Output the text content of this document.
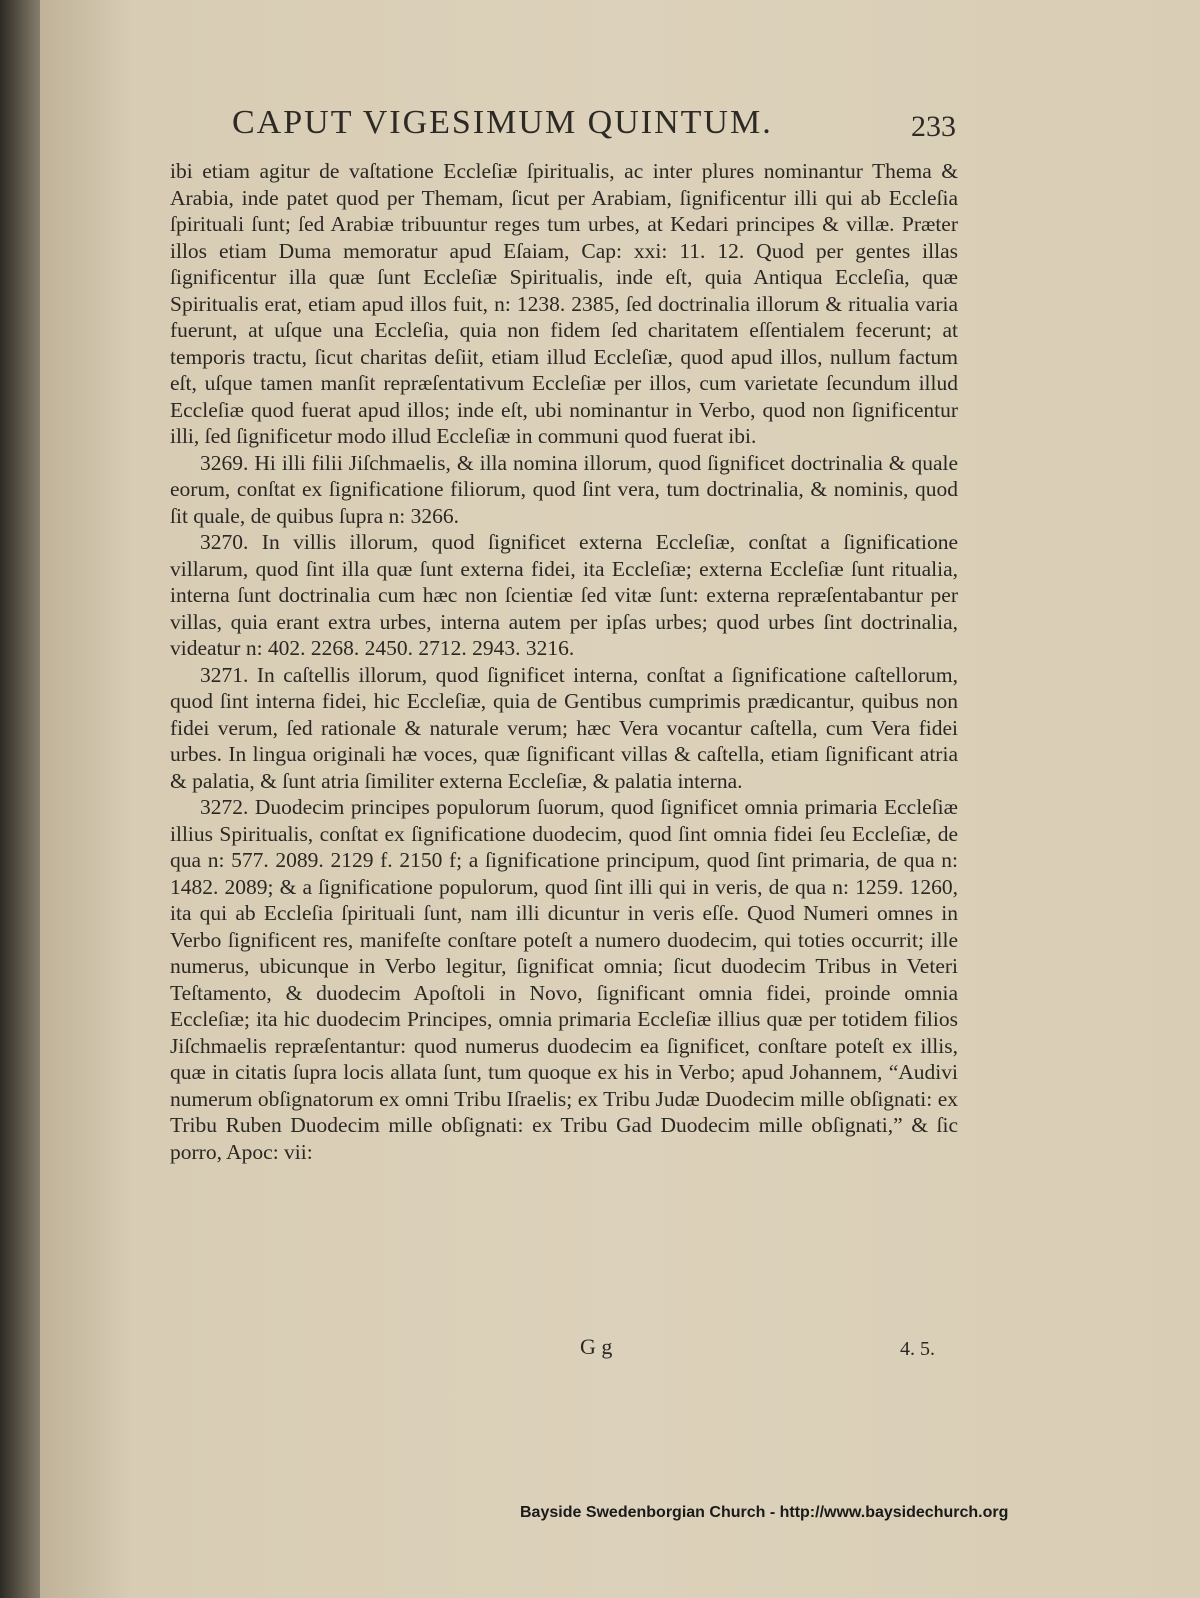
CAPUT VIGESIMUM QUINTUM.	233

ibi etiam agitur de vaſtatione Eccleſiæ ſpiritualis, ac inter plures nominantur Thema & Arabia, inde patet quod per Themam, ſicut per Arabiam, ſignificentur illi qui ab Eccleſia ſpirituali ſunt; ſed Arabiæ tribuuntur reges tum urbes, at Kedari principes & villæ. Præter illos etiam Duma memoratur apud Eſaiam, Cap: xxi: 11. 12. Quod per gentes illas ſignificentur illa quæ ſunt Eccleſiæ Spiritualis, inde eſt, quia Antiqua Eccleſia, quæ Spiritualis erat, etiam apud illos fuit, n: 1238. 2385, ſed doctrinalia illorum & ritualia varia fuerunt, at uſque una Eccleſia, quia non fidem ſed charitatem eſſentialem fecerunt; at temporis tractu, ſicut charitas deſiit, etiam illud Eccleſiæ, quod apud illos, nullum factum eſt, uſque tamen manſit repræſentativum Eccleſiæ per illos, cum varietate ſecundum illud Eccleſiæ quod fuerat apud illos; inde eſt, ubi nominantur in Verbo, quod non ſignificentur illi, ſed ſignificetur modo illud Eccleſiæ in communi quod fuerat ibi.

3269. Hi illi filii Jiſchmaelis, & illa nomina illorum, quod ſignificet doctrinalia & quale eorum, conſtat ex ſignificatione filiorum, quod ſint vera, tum doctrinalia, & nominis, quod ſit quale, de quibus ſupra n: 3266.

3270. In villis illorum, quod ſignificet externa Eccleſiæ, conſtat a ſignificatione villarum, quod ſint illa quæ ſunt externa fidei, ita Eccleſiæ; externa Eccleſiæ ſunt ritualia, interna ſunt doctrinalia cum hæc non ſcientiæ ſed vitæ ſunt: externa repræſentabantur per villas, quia erant extra urbes, interna autem per ipſas urbes; quod urbes ſint doctrinalia, videatur n: 402. 2268. 2450. 2712. 2943. 3216.

3271. In caſtellis illorum, quod ſignificet interna, conſtat a ſignificatione caſtellorum, quod ſint interna fidei, hic Eccleſiæ, quia de Gentibus cumprimis prædicantur, quibus non fidei verum, ſed rationale & naturale verum; hæc Vera vocantur caſtella, cum Vera fidei urbes. In lingua originali hæ voces, quæ ſignificant villas & caſtella, etiam ſignificant atria & palatia, & ſunt atria ſimiliter externa Eccleſiæ, & palatia interna.

3272. Duodecim principes populorum ſuorum, quod ſignificet omnia primaria Eccleſiæ illius Spiritualis, conſtat ex ſignificatione duodecim, quod ſint omnia fidei ſeu Eccleſiæ, de qua n: 577. 2089. 2129 f. 2150 f; a ſignificatione principum, quod ſint primaria, de qua n: 1482. 2089; & a ſignificatione populorum, quod ſint illi qui in veris, de qua n: 1259. 1260, ita qui ab Eccleſia ſpirituali ſunt, nam illi dicuntur in veris eſſe. Quod Numeri omnes in Verbo ſignificent res, manifeſte conſtare poteſt a numero duodecim, qui toties occurrit; ille numerus, ubicunque in Verbo legitur, ſignificat omnia; ſicut duodecim Tribus in Veteri Teſtamento, & duodecim Apoſtoli in Novo, ſignificant omnia fidei, proinde omnia Eccleſiæ; ita hic duodecim Principes, omnia primaria Eccleſiæ illius quæ per totidem filios Jiſchmaelis repræſentantur: quod numerus duodecim ea ſignificet, conſtare poteſt ex illis, quæ in citatis ſupra locis allata ſunt, tum quoque ex his in Verbo; apud Johannem, “Audivi numerum obſignatorum ex omni Tribu Iſraelis; ex Tribu Judæ Duodecim mille obſignati: ex Tribu Ruben Duodecim mille obſignati: ex Tribu Gad Duodecim mille obſignati,” & ſic porro, Apoc: vii:

G g	4. 5.
Bayside Swedenborgian Church - http://www.baysidechurch.org
